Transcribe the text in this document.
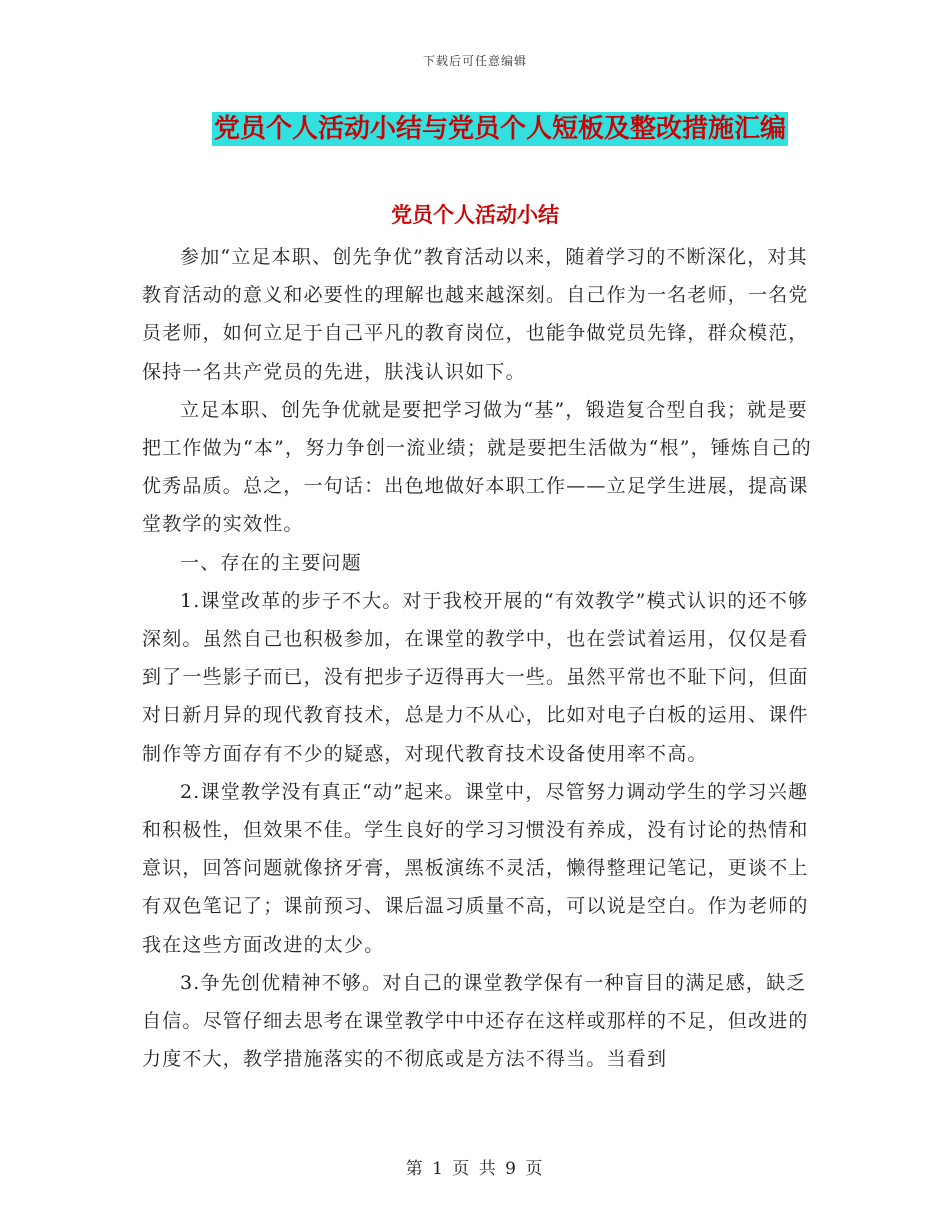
下载后可任意编辑
党员个人活动小结与党员个人短板及整改措施汇编
党员个人活动小结

参加“立足本职、创先争优”教育活动以来，随着学习的不断深化，对其教育活动的意义和必要性的理解也越来越深刻。自己作为一名老师，一名党员老师，如何立足于自己平凡的教育岗位，也能争做党员先锋，群众模范，保持一名共产党员的先进，肤浅认识如下。

立足本职、创先争优就是要把学习做为“基”，锻造复合型自我；就是要把工作做为“本”，努力争创一流业绩；就是要把生活做为“根”，锤炼自己的优秀品质。总之，一句话：出色地做好本职工作——立足学生进展，提高课堂教学的实效性。

一、存在的主要问题

1.课堂改革的步子不大。对于我校开展的“有效教学”模式认识的还不够深刻。虽然自己也积极参加，在课堂的教学中，也在尝试着运用，仅仅是看到了一些影子而已，没有把步子迈得再大一些。虽然平常也不耻下问，但面对日新月异的现代教育技术，总是力不从心，比如对电子白板的运用、课件制作等方面存有不少的疑惑，对现代教育技术设备使用率不高。

2.课堂教学没有真正“动”起来。课堂中，尽管努力调动学生的学习兴趣和积极性，但效果不佳。学生良好的学习习惯没有养成，没有讨论的热情和意识，回答问题就像挤牙膏，黑板演练不灵活，懒得整理记笔记，更谈不上有双色笔记了；课前预习、课后温习质量不高，可以说是空白。作为老师的我在这些方面改进的太少。

3.争先创优精神不够。对自己的课堂教学保有一种盲目的满足感，缺乏自信。尽管仔细去思考在课堂教学中中还存在这样或那样的不足，但改进的力度不大，教学措施落实的不彻底或是方法不得当。当看到

第 1 页 共 9 页
